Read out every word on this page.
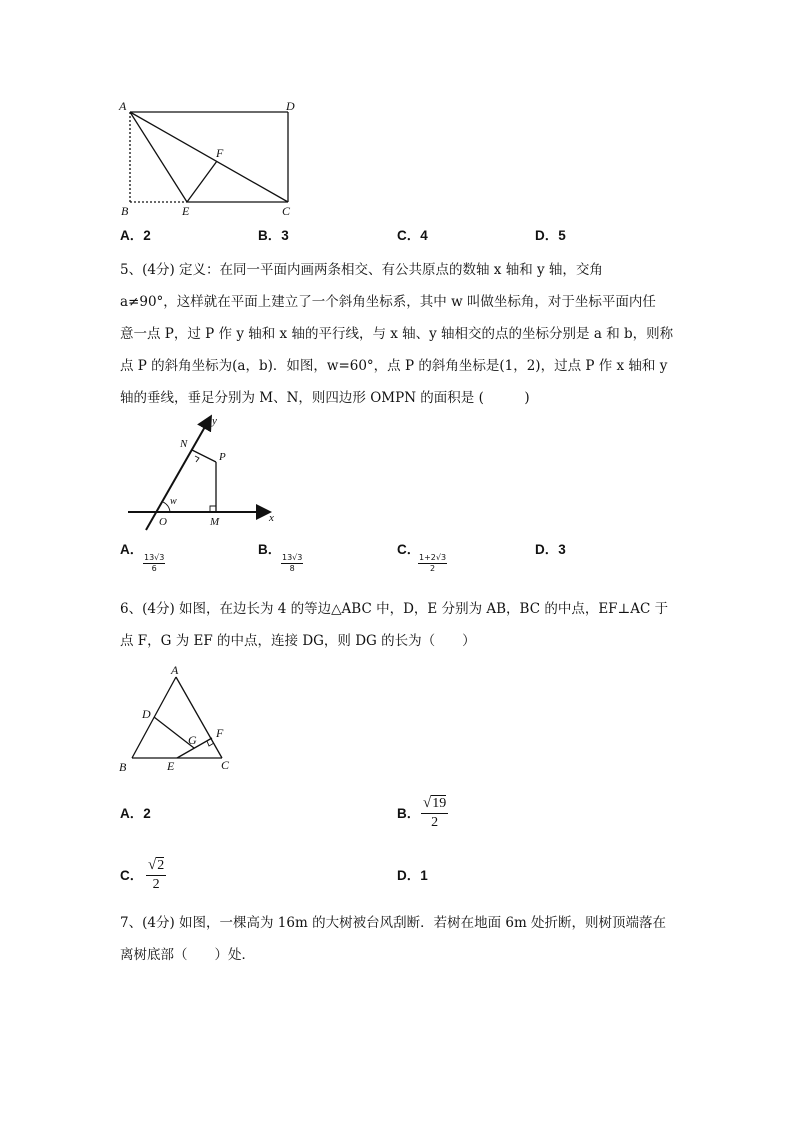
A	D
F
B	E	C
A．2	B．3	C．4	D．5
5、(4分) 定义：在同一平面内画两条相交、有公共原点的数轴 x 轴和 y 轴，交角
a≠90°，这样就在平面上建立了一个斜角坐标系，其中 w 叫做坐标角，对于坐标平面内任
意一点 P，过 P 作 y 轴和 x 轴的平行线，与 x 轴、y 轴相交的点的坐标分别是 a 和 b，则称
点 P 的斜角坐标为(a，b)．如图，w=60°，点 P 的斜角坐标是(1，2)，过点 P 作 x 轴和 y
轴的垂线，垂足分别为 M、N，则四边形 OMPN 的面积是 (　　　)
y
N
P
w
O	M	x
A．
$\frac{13√3}{6}$
B．
$\frac{13√3}{8}$
C．
$\frac{1+2√3}{2}$
D．3
6、(4分) 如图，在边长为 4 的等边△ABC 中，D，E 分别为 AB，BC 的中点，EF⊥AC 于
点 F，G 为 EF 的中点，连接 DG，则 DG 的长为（　　）
A
D
G F
B	E	C
A．2	B． $\frac{√19}{2}$
C． $\frac{√2}{2}$	D．1
7、(4分) 如图，一棵高为 16m 的大树被台风刮断．若树在地面 6m 处折断，则树顶端落在
离树底部（　　）处．
